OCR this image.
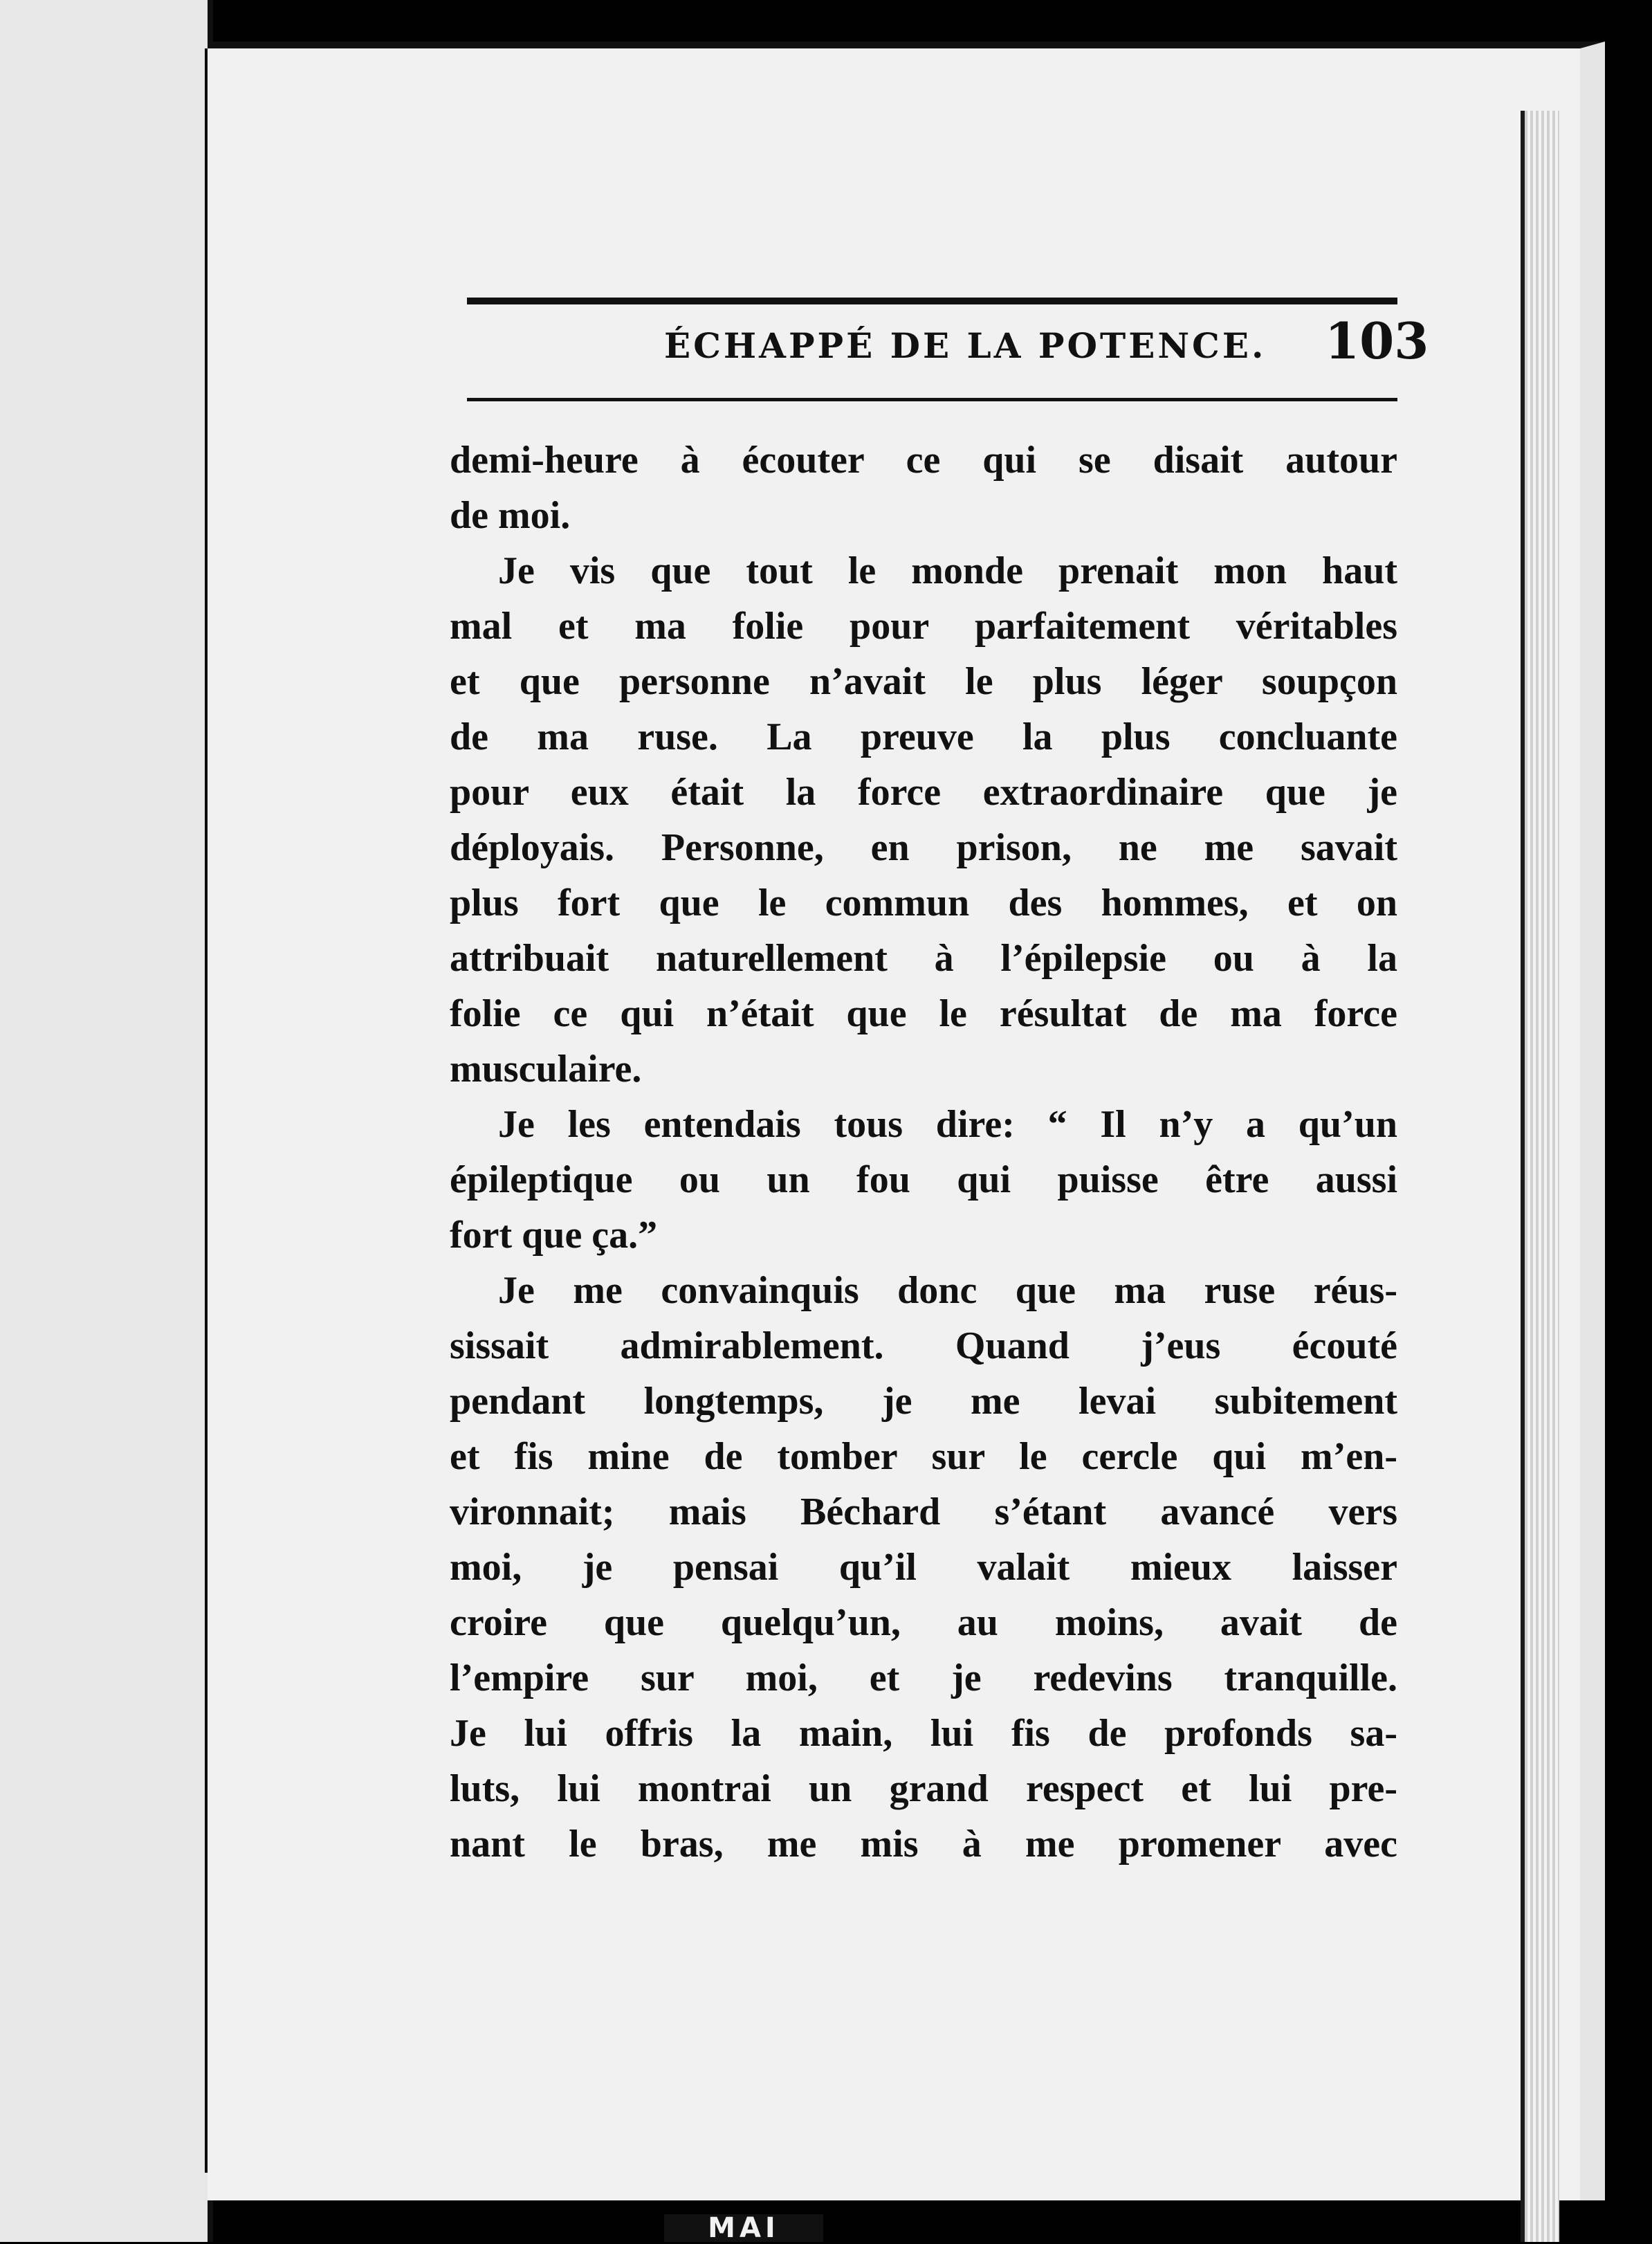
ÉCHAPPÉ DE LA POTENCE. 103
demi-heure à écouter ce qui se disait autour
de moi.
Je vis que tout le monde prenait mon haut
mal et ma folie pour parfaitement véritables
et que personne n’avait le plus léger soupçon
de ma ruse. La preuve la plus concluante
pour eux était la force extraordinaire que je
déployais. Personne, en prison, ne me savait
plus fort que le commun des hommes, et on
attribuait naturellement à l’épilepsie ou à la
folie ce qui n’était que le résultat de ma force
musculaire.
Je les entendais tous dire: “ Il n’y a qu’un
épileptique ou un fou qui puisse être aussi
fort que ça.”
Je me convainquis donc que ma ruse réus-
sissait admirablement. Quand j’eus écouté
pendant longtemps, je me levai subitement
et fis mine de tomber sur le cercle qui m’en-
vironnait; mais Béchard s’étant avancé vers
moi, je pensai qu’il valait mieux laisser
croire que quelqu’un, au moins, avait de
l’empire sur moi, et je redevins tranquille.
Je lui offris la main, lui fis de profonds sa-
luts, lui montrai un grand respect et lui pre-
nant le bras, me mis à me promener avec
MAI
